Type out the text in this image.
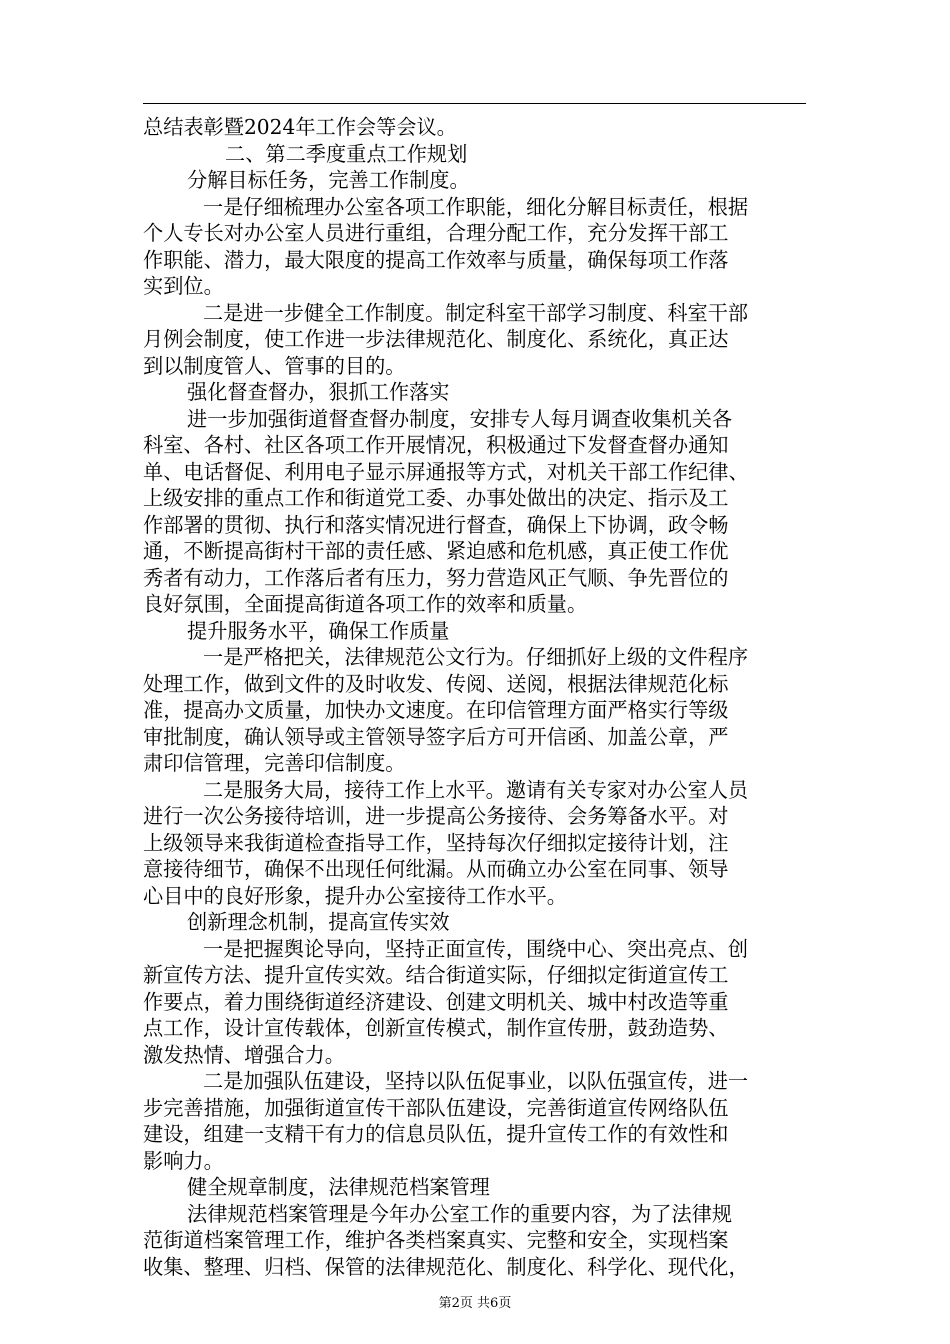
总结表彰暨2024年工作会等会议。
二、第二季度重点工作规划
分解目标任务，完善工作制度。
一是仔细梳理办公室各项工作职能，细化分解目标责任，根据
个人专长对办公室人员进行重组，合理分配工作，充分发挥干部工
作职能、潜力，最大限度的提高工作效率与质量，确保每项工作落
实到位。
二是进一步健全工作制度。制定科室干部学习制度、科室干部
月例会制度，使工作进一步法律规范化、制度化、系统化，真正达
到以制度管人、管事的目的。
强化督查督办，狠抓工作落实
进一步加强街道督查督办制度，安排专人每月调查收集机关各
科室、各村、社区各项工作开展情况，积极通过下发督查督办通知
单、电话督促、利用电子显示屏通报等方式，对机关干部工作纪律、
上级安排的重点工作和街道党工委、办事处做出的决定、指示及工
作部署的贯彻、执行和落实情况进行督查，确保上下协调，政令畅
通，不断提高街村干部的责任感、紧迫感和危机感，真正使工作优
秀者有动力，工作落后者有压力，努力营造风正气顺、争先晋位的
良好氛围，全面提高街道各项工作的效率和质量。
提升服务水平，确保工作质量
一是严格把关，法律规范公文行为。仔细抓好上级的文件程序
处理工作，做到文件的及时收发、传阅、送阅，根据法律规范化标
准，提高办文质量，加快办文速度。在印信管理方面严格实行等级
审批制度，确认领导或主管领导签字后方可开信函、加盖公章，严
肃印信管理，完善印信制度。
二是服务大局，接待工作上水平。邀请有关专家对办公室人员
进行一次公务接待培训，进一步提高公务接待、会务筹备水平。对
上级领导来我街道检查指导工作，坚持每次仔细拟定接待计划，注
意接待细节，确保不出现任何纰漏。从而确立办公室在同事、领导
心目中的良好形象，提升办公室接待工作水平。
创新理念机制，提高宣传实效
一是把握舆论导向，坚持正面宣传，围绕中心、突出亮点、创
新宣传方法、提升宣传实效。结合街道实际，仔细拟定街道宣传工
作要点，着力围绕街道经济建设、创建文明机关、城中村改造等重
点工作，设计宣传载体，创新宣传模式，制作宣传册，鼓劲造势、
激发热情、增强合力。
二是加强队伍建设，坚持以队伍促事业，以队伍强宣传，进一
步完善措施，加强街道宣传干部队伍建设，完善街道宣传网络队伍
建设，组建一支精干有力的信息员队伍，提升宣传工作的有效性和
影响力。
健全规章制度，法律规范档案管理
法律规范档案管理是今年办公室工作的重要内容，为了法律规
范街道档案管理工作，维护各类档案真实、完整和安全，实现档案
收集、整理、归档、保管的法律规范化、制度化、科学化、现代化，
第2页 共6页
